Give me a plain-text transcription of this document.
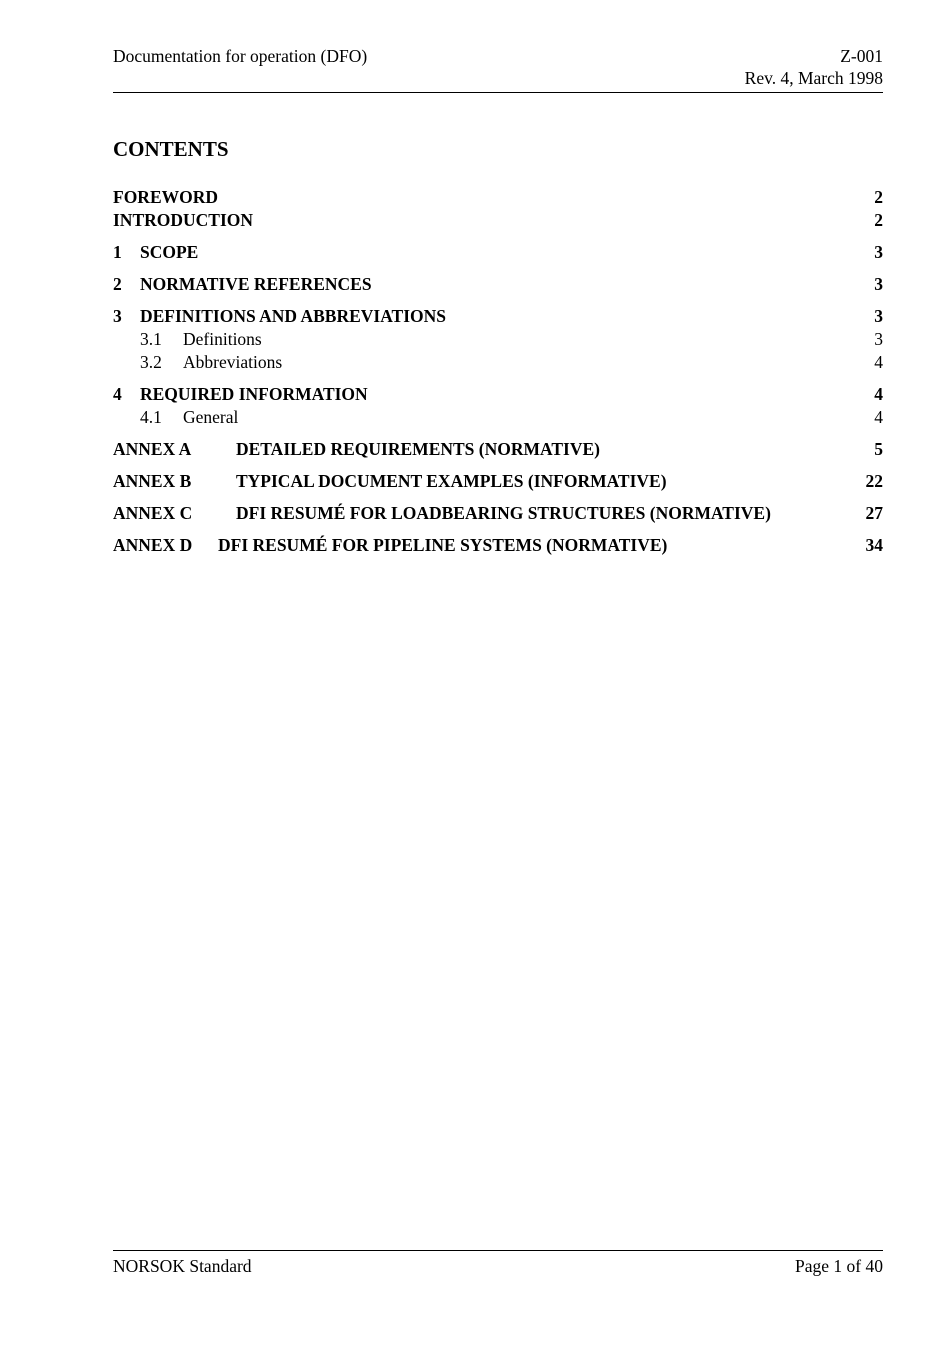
Documentation for operation (DFO)	Z-001
Rev. 4, March 1998
CONTENTS
FOREWORD	2
INTRODUCTION	2
1 SCOPE	3
2 NORMATIVE REFERENCES	3
3 DEFINITIONS AND ABBREVIATIONS	3
3.1 Definitions	3
3.2 Abbreviations	4
4 REQUIRED INFORMATION	4
4.1 General	4
ANNEX A	DETAILED REQUIREMENTS (NORMATIVE)	5
ANNEX B	TYPICAL DOCUMENT EXAMPLES (INFORMATIVE)	22
ANNEX C	DFI RESUMÉ FOR LOADBEARING STRUCTURES (NORMATIVE)	27
ANNEX D DFI RESUMÉ FOR PIPELINE SYSTEMS (NORMATIVE)	34
NORSOK Standard	Page 1 of 40
